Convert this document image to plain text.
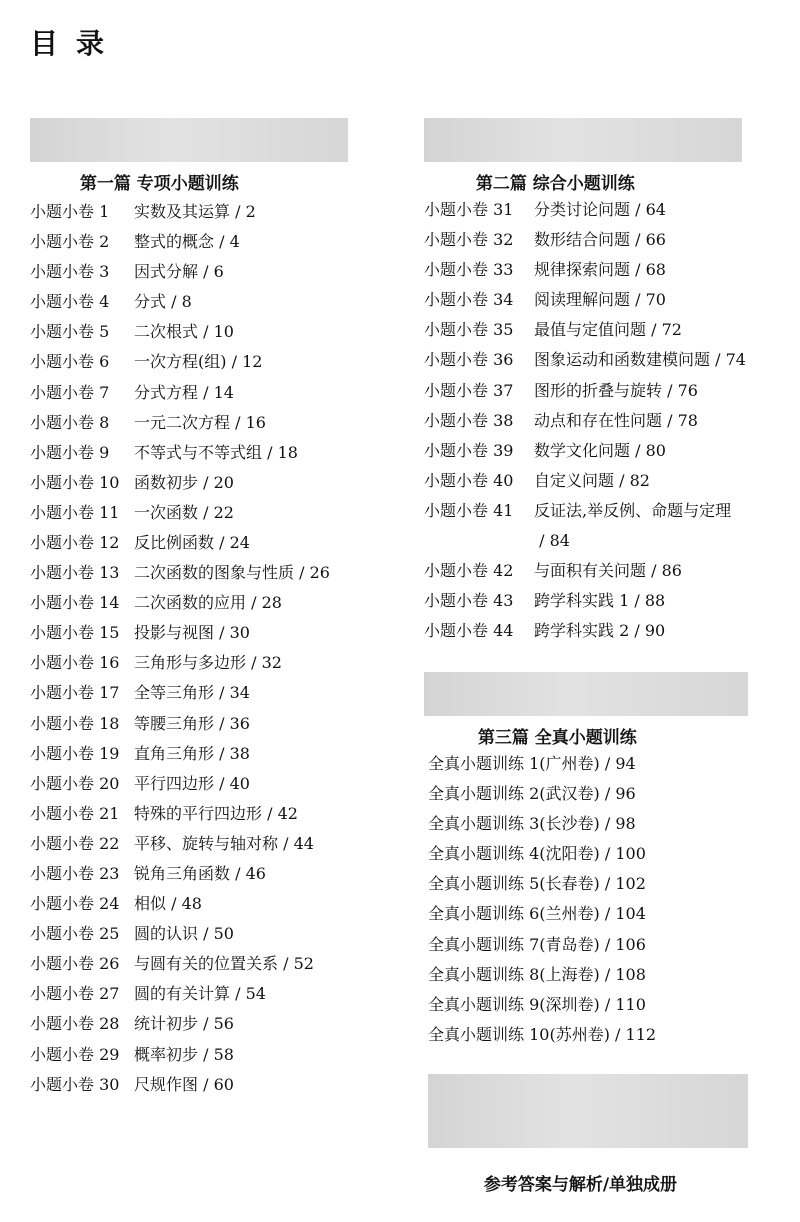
目录

第一篇 专项小题训练	第二篇 综合小题训练

第三篇 全真小题训练

参考答案与解析/单独成册

小题小卷 1	实数及其运算 / 2
小题小卷 2	整式的概念 / 4
小题小卷 3	因式分解 / 6
小题小卷 4	分式 / 8
小题小卷 5	二次根式 / 10
小题小卷 6	一次方程(组) / 12
小题小卷 7	分式方程 / 14
小题小卷 8	一元二次方程 / 16
小题小卷 9	不等式与不等式组 / 18
小题小卷 10 函数初步 / 20
小题小卷 11 一次函数 / 22
小题小卷 12 反比例函数 / 24
小题小卷 13 二次函数的图象与性质 / 26
小题小卷 14 二次函数的应用 / 28
小题小卷 15 投影与视图 / 30
小题小卷 16 三角形与多边形 / 32
小题小卷 17 全等三角形 / 34
小题小卷 18 等腰三角形 / 36
小题小卷 19 直角三角形 / 38
小题小卷 20 平行四边形 / 40
小题小卷 21 特殊的平行四边形 / 42
小题小卷 22 平移、旋转与轴对称 / 44
小题小卷 23 锐角三角函数 / 46
小题小卷 24 相似 / 48
小题小卷 25 圆的认识 / 50
小题小卷 26 与圆有关的位置关系 / 52
小题小卷 27 圆的有关计算 / 54
小题小卷 28 统计初步 / 56
小题小卷 29 概率初步 / 58
小题小卷 30 尺规作图 / 60
小题小卷 31	分类讨论问题 / 64
小题小卷 32	数形结合问题 / 66
小题小卷 33	规律探索问题 / 68
小题小卷 34	阅读理解问题 / 70
小题小卷 35	最值与定值问题 / 72
小题小卷 36	图象运动和函数建模问题 / 74
小题小卷 37	图形的折叠与旋转 / 76
小题小卷 38	动点和存在性问题 / 78
小题小卷 39	数学文化问题 / 80
小题小卷 40	自定义问题 / 82
小题小卷 41	反证法,举反例、命题与定理 / 84
小题小卷 42	与面积有关问题 / 86
小题小卷 43	跨学科实践 1 / 88
小题小卷 44	跨学科实践 2 / 90
全真小题训练 1 (广州卷) / 94
全真小题训练 2 (武汉卷) / 96
全真小题训练 3 (长沙卷) / 98
全真小题训练 4 (沈阳卷) / 100
全真小题训练 5 (长春卷) / 102
全真小题训练 6 (兰州卷) / 104
全真小题训练 7 (青岛卷) / 106
全真小题训练 8 (上海卷) / 108
全真小题训练 9 (深圳卷) / 110
全真小题训练 10 (苏州卷) / 112
